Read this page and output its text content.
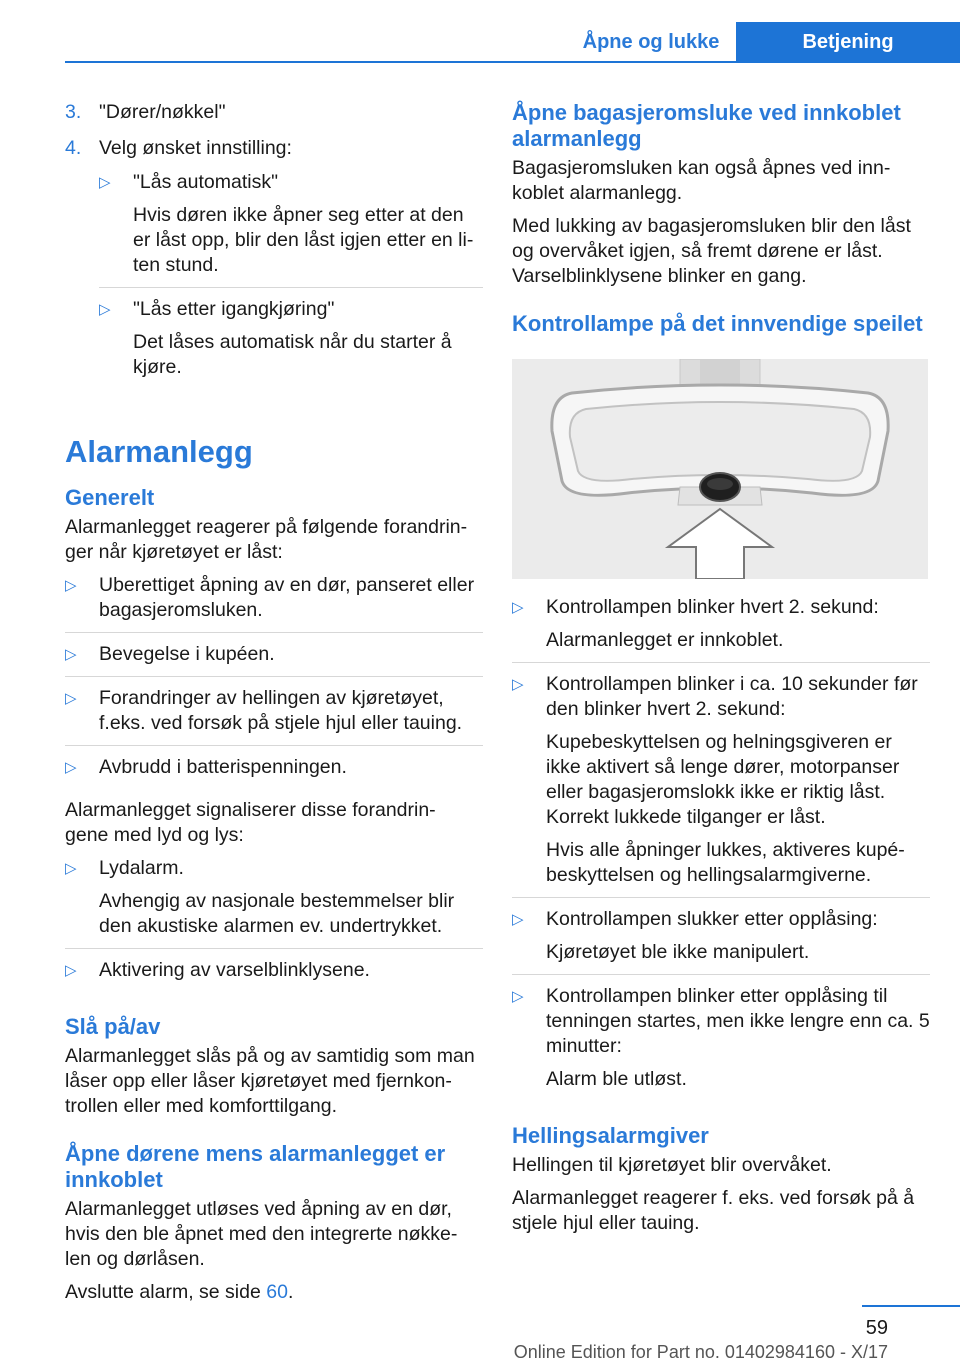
Åpne og lukke	Betjening
3. "Dører/nøkkel"
4. Velg ønsket innstilling:
▷ "Lås automatisk"
Hvis døren ikke åpner seg etter at den er låst opp, blir den låst igjen etter en li‐ ten stund.
▷ "Lås etter igangkjøring"
Det låses automatisk når du starter å kjøre.
Alarmanlegg
Generelt

Alarmanlegget reagerer på følgende forandrin‐ ger når kjøretøyet er låst:

▷ Uberettiget åpning av en dør, panseret eller bagasjeromsluken.
▷ Bevegelse i kupéen.
▷ Forandringer av hellingen av kjøretøyet, f.eks. ved forsøk på stjele hjul eller tauing.
▷ Avbrudd i batterispenningen.

Alarmanlegget signaliserer disse forandrin‐ gene med lyd og lys:

▷ Lydalarm.
Avhengig av nasjonale bestemmelser blir den akustiske alarmen ev. undertrykket.
▷ Aktivering av varselblinklysene.
Slå på/av

Alarmanlegget slås på og av samtidig som man låser opp eller låser kjøretøyet med fjernkon‐ trollen eller med komforttilgang.

Åpne dørene mens alarmanlegget er innkoblet

Alarmanlegget utløses ved åpning av en dør, hvis den ble åpnet med den integrerte nøkke‐ len og dørlåsen.

Avslutte alarm, se side 60.

Åpne bagasjeromsluke ved innkoblet alarmanlegg

Bagasjeromsluken kan også åpnes ved inn‐ koblet alarmanlegg.

Med lukking av bagasjeromsluken blir den låst og overvåket igjen, så fremt dørene er låst. Varselblinklysene blinker en gang.

Kontrollampe på det innvendige speilet
▷ Kontrollampen blinker hvert 2. sekund:
Alarmanlegget er innkoblet.
▷ Kontrollampen blinker i ca. 10 sekunder før den blinker hvert 2. sekund:
Kupebeskyttelsen og helningsgiveren er ikke aktivert så lenge dører, motorpanser eller bagasjeromslokk ikke er riktig låst. Korrekt lukkede tilganger er låst.
Hvis alle åpninger lukkes, aktiveres kupé‐ beskyttelsen og hellingsalarmgiverne.
▷ Kontrollampen slukker etter opplåsing:
Kjøretøyet ble ikke manipulert.
▷ Kontrollampen blinker etter opplåsing til tenningen startes, men ikke lengre enn ca. 5 minutter:
Alarm ble utløst.
Hellingsalarmgiver

Hellingen til kjøretøyet blir overvåket.

Alarmanlegget reagerer f. eks. ved forsøk på å stjele hjul eller tauing.

59
Online Edition for Part no. 01402984160 - X/17
